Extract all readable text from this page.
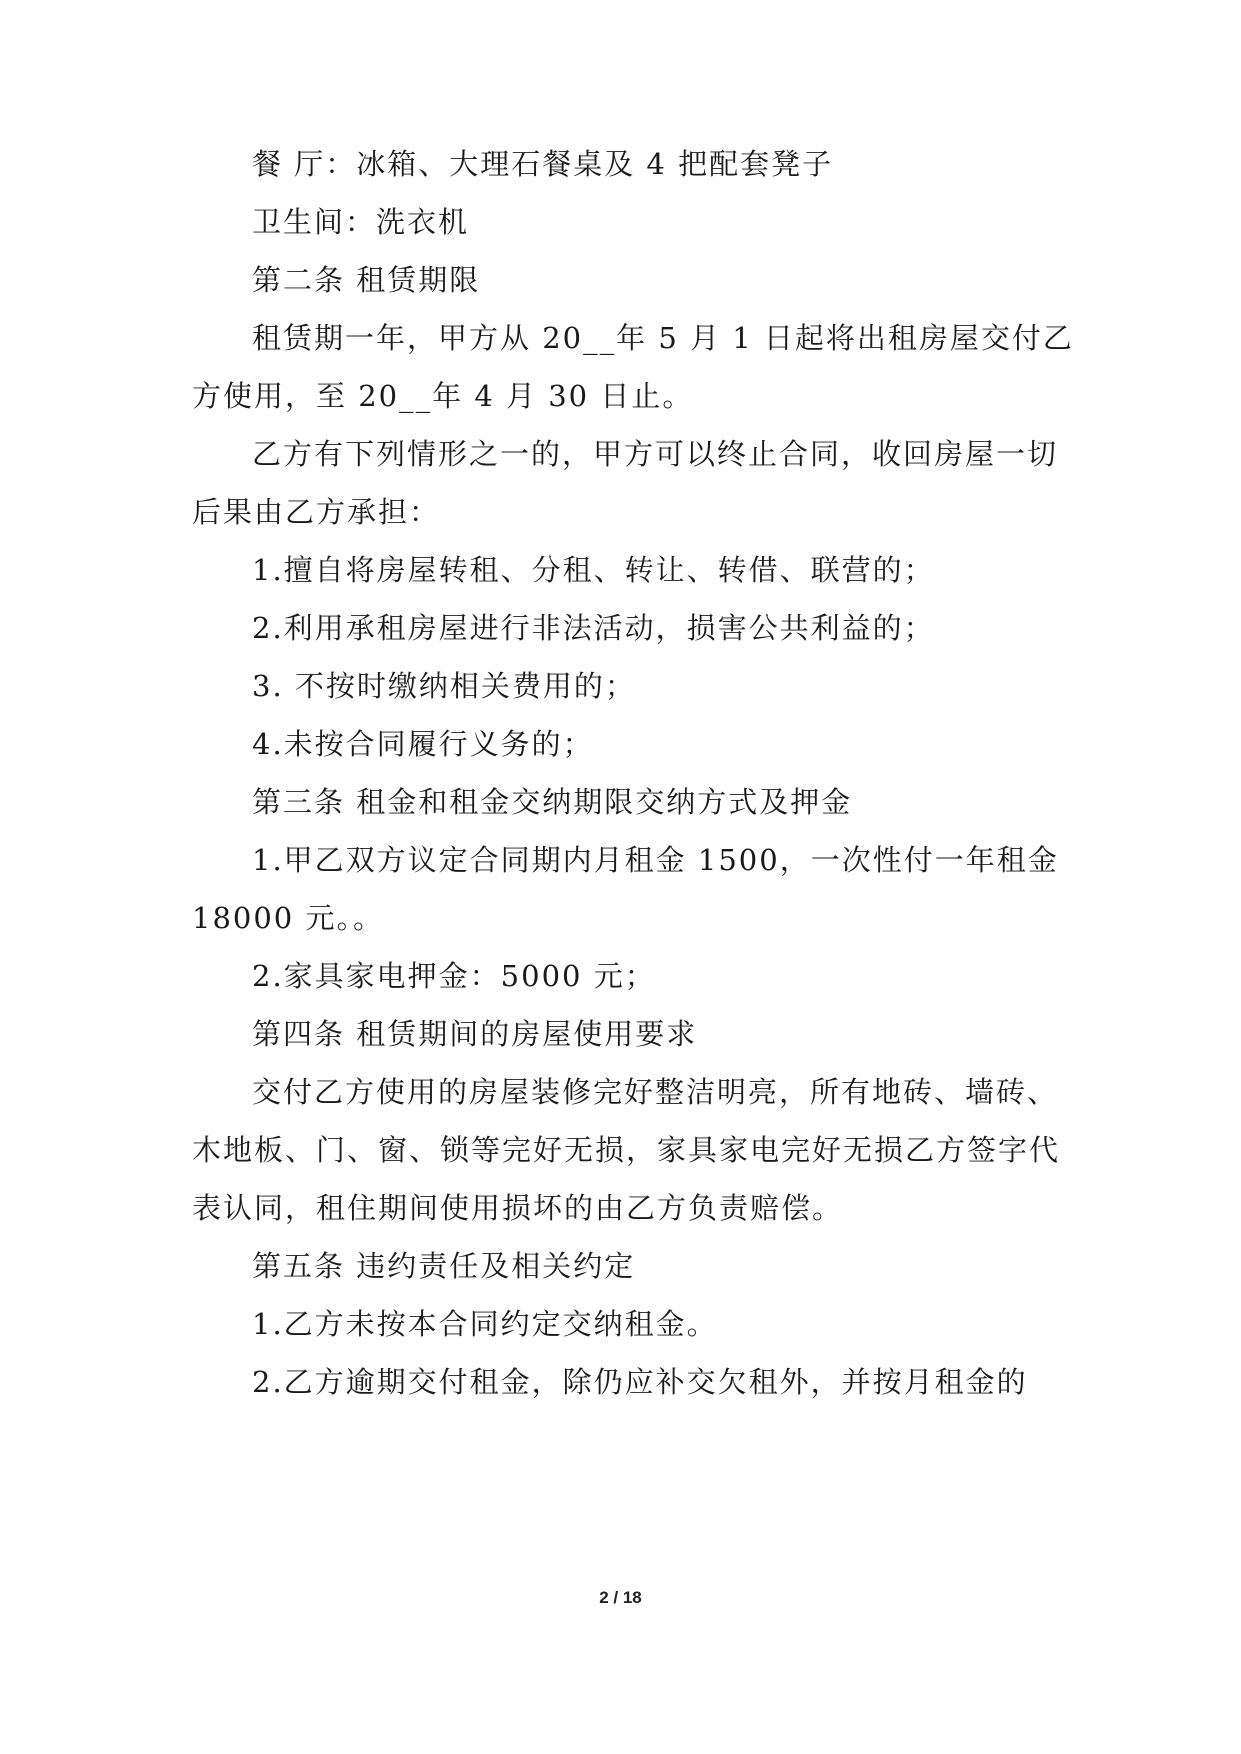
餐 厅：冰箱、大理石餐桌及 4 把配套凳子
卫生间：洗衣机
第二条 租赁期限
租赁期一年，甲方从 20__年 5 月 1 日起将出租房屋交付乙
方使用，至 20__年 4 月 30 日止。
乙方有下列情形之一的，甲方可以终止合同，收回房屋一切
后果由乙方承担：
1.擅自将房屋转租、分租、转让、转借、联营的；
2.利用承租房屋进行非法活动，损害公共利益的；
3. 不按时缴纳相关费用的；
4.未按合同履行义务的；
第三条 租金和租金交纳期限交纳方式及押金
1.甲乙双方议定合同期内月租金 1500，一次性付一年租金
18000 元。。
2.家具家电押金：5000 元；
第四条 租赁期间的房屋使用要求
交付乙方使用的房屋装修完好整洁明亮，所有地砖、墙砖、
木地板、门、窗、锁等完好无损，家具家电完好无损乙方签字代
表认同，租住期间使用损坏的由乙方负责赔偿。
第五条 违约责任及相关约定
1.乙方未按本合同约定交纳租金。
2.乙方逾期交付租金，除仍应补交欠租外，并按月租金的
2 / 18
